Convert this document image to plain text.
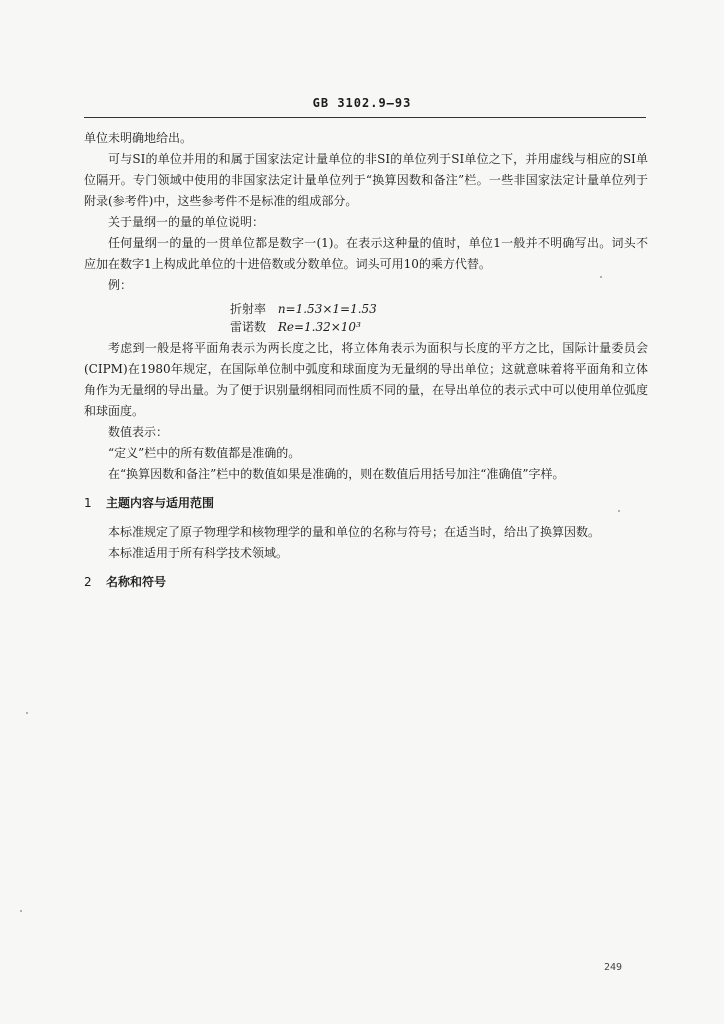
GB 3102.9—93

单位未明确地给出。

可与SI的单位并用的和属于国家法定计量单位的非SI的单位列于SI单位之下，并用虚线与相应的SI单位隔开。专门领域中使用的非国家法定计量单位列于“换算因数和备注”栏。一些非国家法定计量单位列于附录(参考件)中，这些参考件不是标准的组成部分。

关于量纲一的量的单位说明：

任何量纲一的量的一贯单位都是数字一(1)。在表示这种量的值时，单位1一般并不明确写出。词头不应加在数字1上构成此单位的十进倍数或分数单位。词头可用10的乘方代替。

例：

折射率 n=1.53×1=1.53

雷诺数 Re=1.32×10³

考虑到一般是将平面角表示为两长度之比，将立体角表示为面积与长度的平方之比，国际计量委员会(CIPM)在1980年规定，在国际单位制中弧度和球面度为无量纲的导出单位；这就意味着将平面角和立体角作为无量纲的导出量。为了便于识别量纲相同而性质不同的量，在导出单位的表示式中可以使用单位弧度和球面度。

数值表示：

“定义”栏中的所有数值都是准确的。

在“换算因数和备注”栏中的数值如果是准确的，则在数值后用括号加注“准确值”字样。

1 主题内容与适用范围

本标准规定了原子物理学和核物理学的量和单位的名称与符号；在适当时，给出了换算因数。

本标准适用于所有科学技术领域。

2 名称和符号

249
